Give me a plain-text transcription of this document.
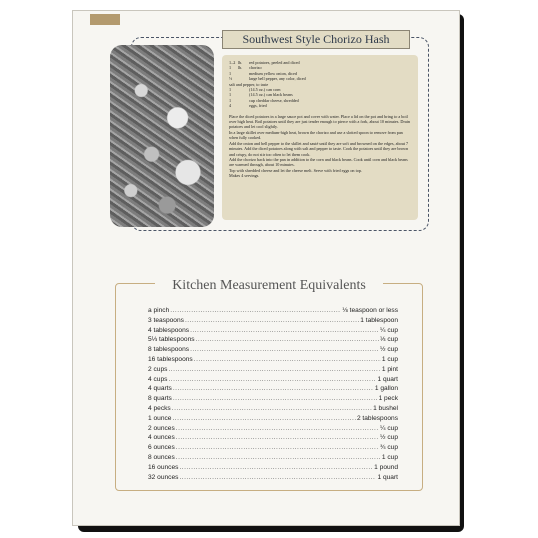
Southwest Style Chorizo Hash
1–2 lb.	red potatoes, peeled and diced
1	lb.	chorizo
1	medium yellow onion, diced
½	large bell pepper, any color, diced
salt and pepper, to taste
1	(14.5 oz.) can corn
1	(14.5 oz.) can black beans
1	cup cheddar cheese, shredded
4	eggs, fried
Place the diced potatoes in a large sauce pot and cover with water. Place a lid on the pot and bring to a boil over high heat. Boil potatoes until they are just tender enough to pierce with a fork, about 10 minutes. Drain potatoes and let cool slightly.
In a large skillet over medium-high heat, brown the chorizo and use a slotted spoon to remove from pan when fully cooked.
Add the onion and bell pepper to the skillet and sauté until they are soft and browned on the edges, about 7 minutes. Add the diced potatoes along with salt and pepper to taste. Cook the potatoes until they are brown and crispy, do not stir too often to let them cook.
Add the chorizo back into the pan in addition to the corn and black beans. Cook until corn and black beans are warmed through, about 10 minutes.
Top with shredded cheese and let the cheese melt. Serve with fried eggs on top.
Makes 4 servings.
Kitchen Measurement Equivalents
a pinch .....	⅛ teaspoon or less
3 teaspoons .....	1 tablespoon
4 tablespoons .....	¼ cup
5⅓ tablespoons .....	⅓ cup
8 tablespoons .....	½ cup
16 tablespoons .....	1 cup
2 cups .....	1 pint
4 cups .....	1 quart
4 quarts .....	1 gallon
8 quarts .....	1 peck
4 pecks .....	1 bushel
1 ounce .....	2 tablespoons
2 ounces .....	¼ cup
4 ounces .....	½ cup
6 ounces .....	¾ cup
8 ounces .....	1 cup
16 ounces .....	1 pound
32 ounces .....	1 quart
